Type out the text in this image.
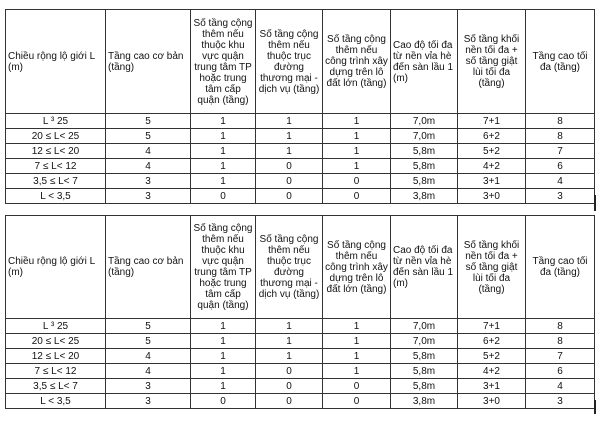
Chiều rộng lộ giới L (m)	Tầng cao cơ bản (tầng)	Số tầng cộng thêm nếu thuộc khu vực quận trung tâm TP hoặc trung tâm cấp quận (tầng)	Số tầng cộng thêm nếu thuộc trục đường thương mại - dịch vụ (tầng)	Số tầng cộng thêm nếu công trình xây dựng trên lô đất lớn (tầng)	Cao độ tối đa từ nền vỉa hè đến sàn lầu 1 (m)	Số tầng khối nền tối đa + số tầng giật lùi tối đa (tầng)	Tầng cao tối đa (tầng)
L ³ 25	5	1	1	1	7,0m	7+1	8
20 ≤ L< 25	5	1	1	1	7,0m	6+2	8
12 ≤ L< 20	4	1	1	1	5,8m	5+2	7
7 ≤ L< 12	4	1	0	1	5,8m	4+2	6
3,5 ≤ L< 7	3	1	0	0	5,8m	3+1	4
L < 3,5	3	0	0	0	3,8m	3+0	3
Chiều rộng lộ giới L (m)	Tầng cao cơ bản (tầng)	Số tầng cộng thêm nếu thuộc khu vực quận trung tâm TP hoặc trung tâm cấp quận (tầng)	Số tầng cộng thêm nếu thuộc trục đường thương mại - dịch vụ (tầng)	Số tầng cộng thêm nếu công trình xây dựng trên lô đất lớn (tầng)	Cao độ tối đa từ nền vỉa hè đến sàn lầu 1 (m)	Số tầng khối nền tối đa + số tầng giật lùi tối đa (tầng)	Tầng cao tối đa (tầng)
L ³ 25	5	1	1	1	7,0m	7+1	8
20 ≤ L< 25	5	1	1	1	7,0m	6+2	8
12 ≤ L< 20	4	1	1	1	5,8m	5+2	7
7 ≤ L< 12	4	1	0	1	5,8m	4+2	6
3,5 ≤ L< 7	3	1	0	0	5,8m	3+1	4
L < 3,5	3	0	0	0	3,8m	3+0	3
